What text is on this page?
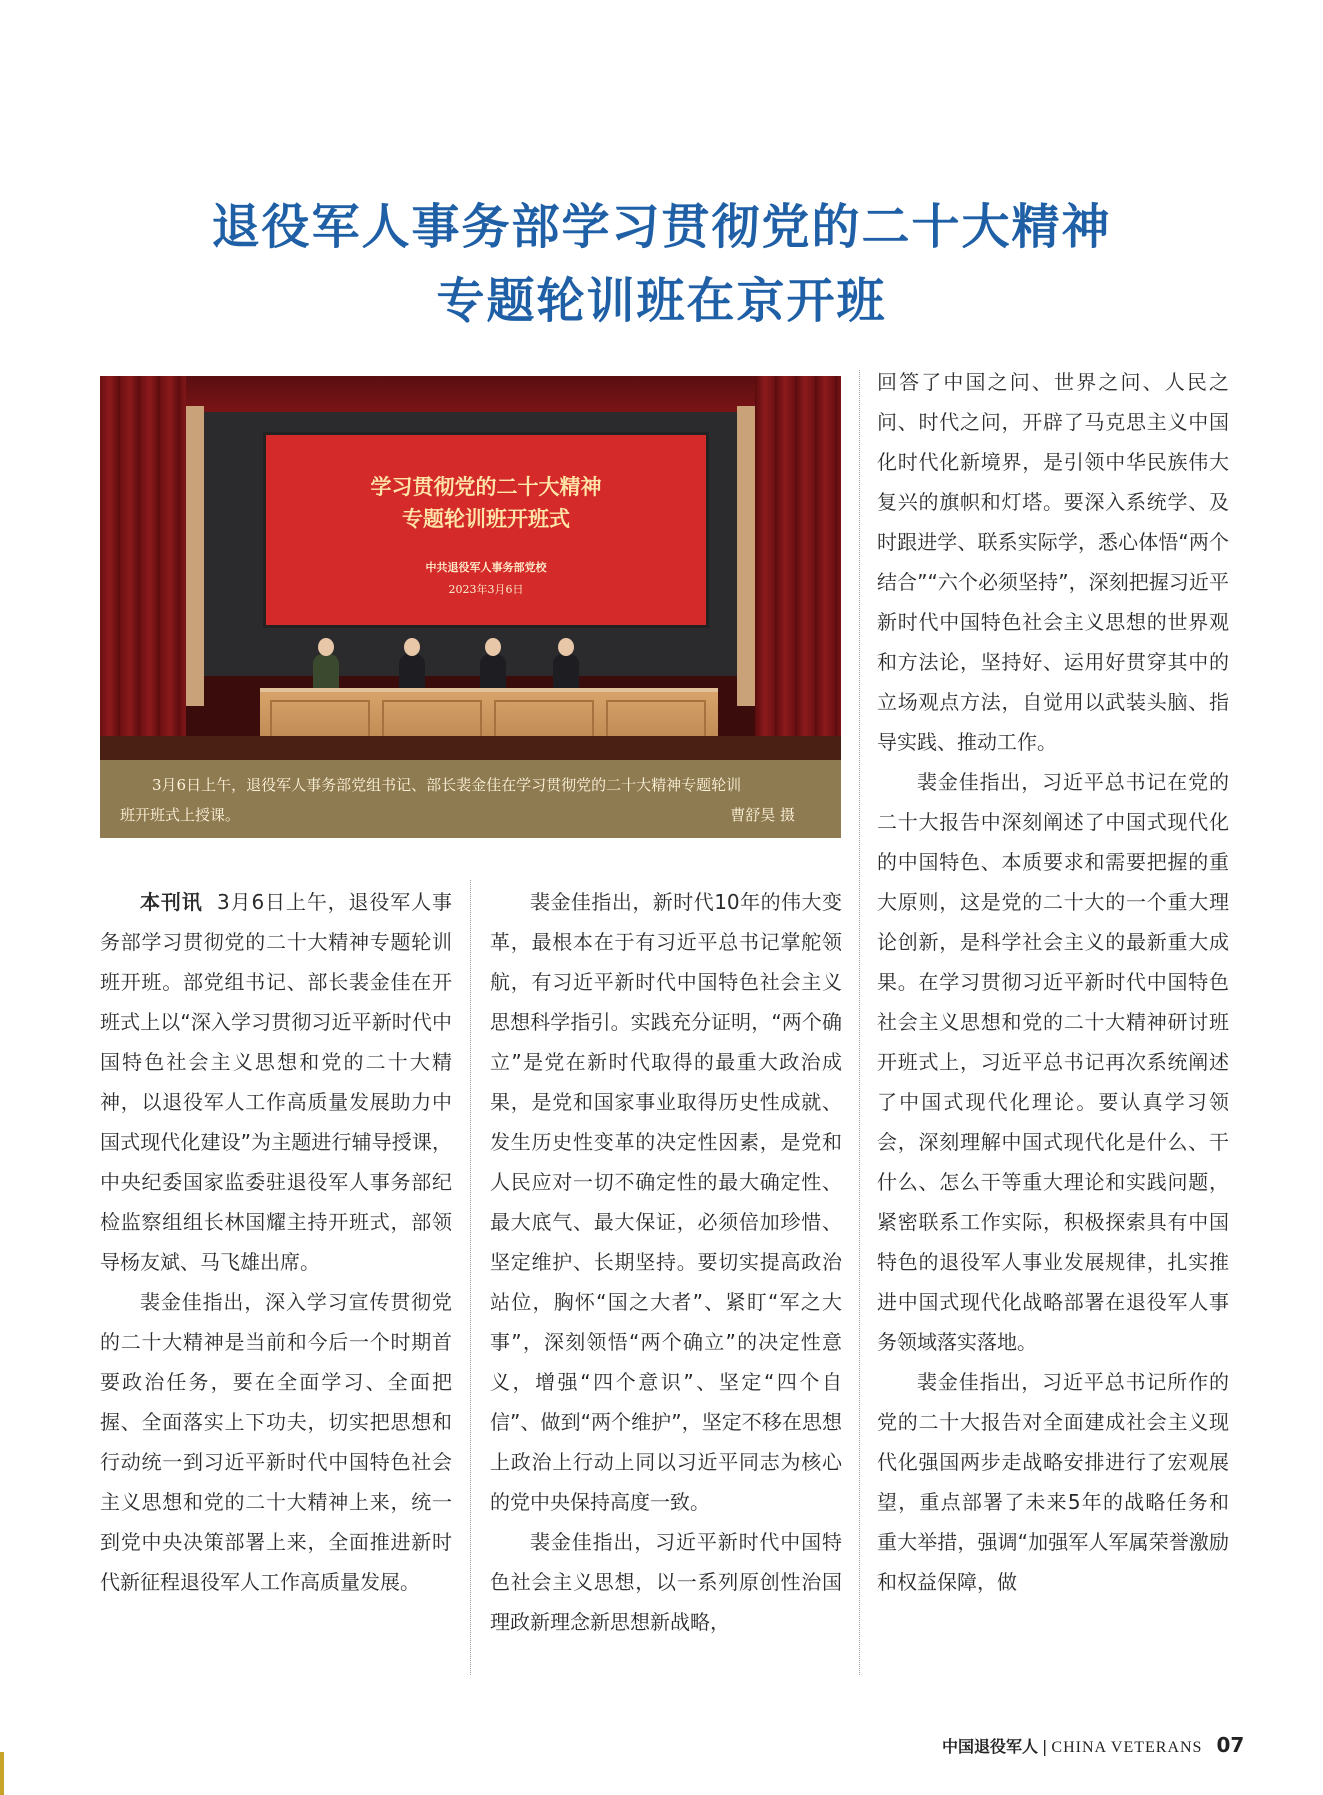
退役军人事务部学习贯彻党的二十大精神
专题轮训班在京开班
学习贯彻党的二十大精神
专题轮训班开班式
中共退役军人事务部党校
2023年3月6日
3月6日上午，退役军人事务部党组书记、部长裴金佳在学习贯彻党的二十大精神专题轮训
班开班式上授课。	曹舒昊 摄

本刊讯 3月6日上午，退役军人事务部学习贯彻党的二十大精神专题轮训班开班。部党组书记、部长裴金佳在开班式上以“深入学习贯彻习近平新时代中国特色社会主义思想和党的二十大精神，以退役军人工作高质量发展助力中国式现代化建设”为主题进行辅导授课，中央纪委国家监委驻退役军人事务部纪检监察组组长林国耀主持开班式，部领导杨友斌、马飞雄出席。

裴金佳指出，深入学习宣传贯彻党的二十大精神是当前和今后一个时期首要政治任务，要在全面学习、全面把握、全面落实上下功夫，切实把思想和行动统一到习近平新时代中国特色社会主义思想和党的二十大精神上来，统一到党中央决策部署上来，全面推进新时代新征程退役军人工作高质量发展。

裴金佳指出，新时代10年的伟大变革，最根本在于有习近平总书记掌舵领航，有习近平新时代中国特色社会主义思想科学指引。实践充分证明，“两个确立”是党在新时代取得的最重大政治成果，是党和国家事业取得历史性成就、发生历史性变革的决定性因素，是党和人民应对一切不确定性的最大确定性、最大底气、最大保证，必须倍加珍惜、坚定维护、长期坚持。要切实提高政治站位，胸怀“国之大者”、紧盯“军之大事”，深刻领悟“两个确立”的决定性意义，增强“四个意识”、坚定“四个自信”、做到“两个维护”，坚定不移在思想上政治上行动上同以习近平同志为核心的党中央保持高度一致。

裴金佳指出，习近平新时代中国特色社会主义思想，以一系列原创性治国理政新理念新思想新战略，

回答了中国之问、世界之问、人民之问、时代之问，开辟了马克思主义中国化时代化新境界，是引领中华民族伟大复兴的旗帜和灯塔。要深入系统学、及时跟进学、联系实际学，悉心体悟“两个结合”“六个必须坚持”，深刻把握习近平新时代中国特色社会主义思想的世界观和方法论，坚持好、运用好贯穿其中的立场观点方法，自觉用以武装头脑、指导实践、推动工作。

裴金佳指出，习近平总书记在党的二十大报告中深刻阐述了中国式现代化的中国特色、本质要求和需要把握的重大原则，这是党的二十大的一个重大理论创新，是科学社会主义的最新重大成果。在学习贯彻习近平新时代中国特色社会主义思想和党的二十大精神研讨班开班式上，习近平总书记再次系统阐述了中国式现代化理论。要认真学习领会，深刻理解中国式现代化是什么、干什么、怎么干等重大理论和实践问题，紧密联系工作实际，积极探索具有中国特色的退役军人事业发展规律，扎实推进中国式现代化战略部署在退役军人事务领域落实落地。

裴金佳指出，习近平总书记所作的党的二十大报告对全面建成社会主义现代化强国两步走战略安排进行了宏观展望，重点部署了未来5年的战略任务和重大举措，强调“加强军人军属荣誉激励和权益保障，做

中国退役军人 | CHINA VETERANS 07
